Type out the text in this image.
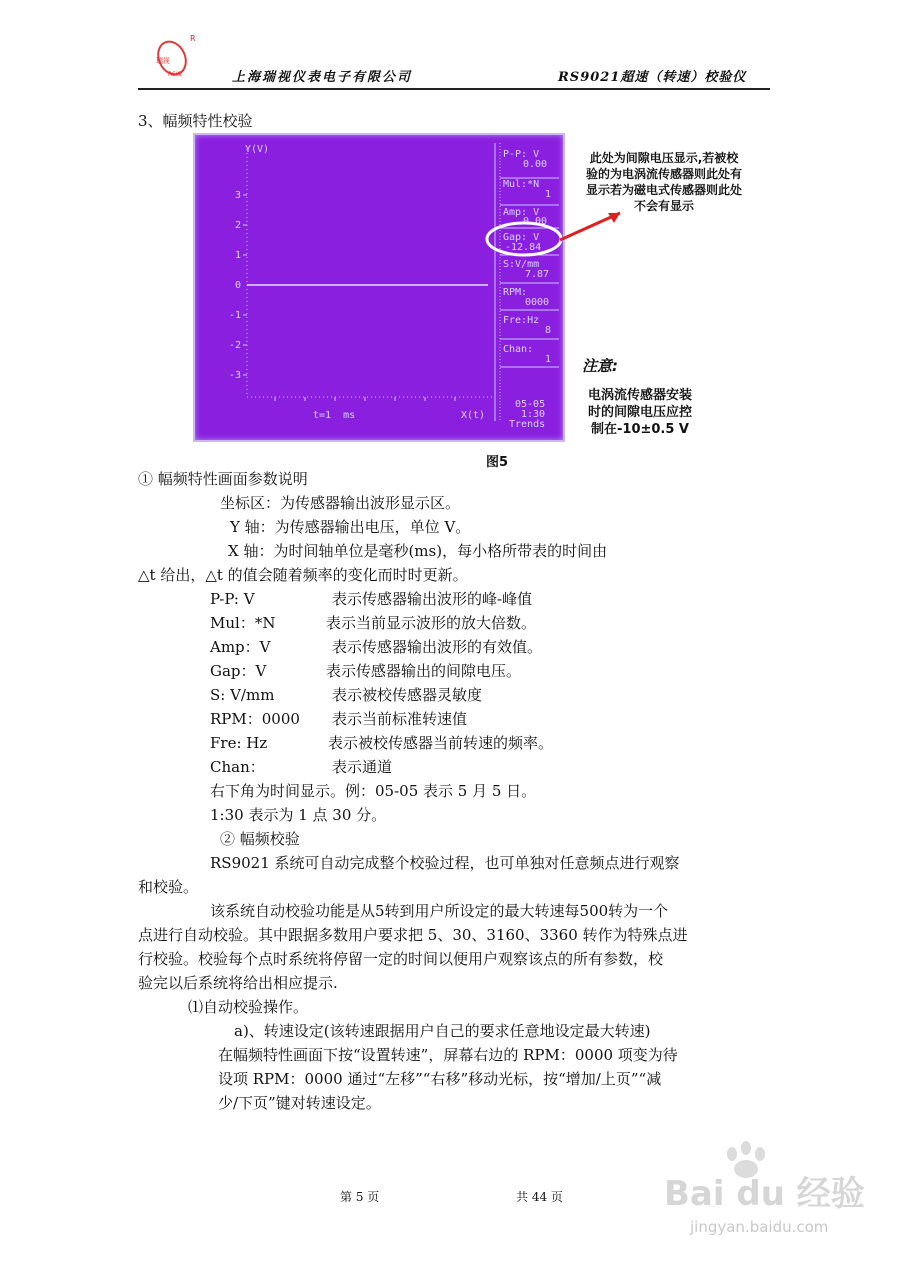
瑞视
RSIS
R
上海瑞视仪表电子有限公司	RS9021超速（转速）校验仪
3、幅频特性校验
Y(V)
3
2
1
0
-1
-2
-3
t=1  ms	X(t)
P-P: V
0.00
Mul:*N
1
Amp: V
0.00
Gap: V
-12.84
S:V/mm
7.87
RPM:
0000
Fre:Hz
8
Chan:
1
05-05
1:30
Trends
此处为间隙电压显示,若被校
验的为电涡流传感器则此处有
显示若为磁电式传感器则此处
不会有显示
注意:
电涡流传感器安装
时的间隙电压应控
制在-10±0.5 V
图5
① 幅频特性画面参数说明
坐标区：为传感器输出波形显示区。
Y 轴：为传感器输出电压，单位 V。
X 轴：为时间轴单位是毫秒(ms)，每小格所带表的时间由
△t 给出，△t 的值会随着频率的变化而时时更新。
P-P: V	表示传感器输出波形的峰-峰值
Mul：*N	表示当前显示波形的放大倍数。
Amp：V	表示传感器输出波形的有效值。
Gap：V	表示传感器输出的间隙电压。
S: V/mm	表示被校传感器灵敏度
RPM：0000 表示当前标准转速值
Fre: Hz	表示被校传感器当前转速的频率。
Chan：	表示通道
右下角为时间显示。例：05-05 表示 5 月 5 日。
1:30 表示为 1 点 30 分。
② 幅频校验
RS9021 系统可自动完成整个校验过程，也可单独对任意频点进行观察
和校验。
该系统自动校验功能是从5转到用户所设定的最大转速每500转为一个
点进行自动校验。其中跟据多数用户要求把 5、30、3160、3360 转作为特殊点进
行校验。校验每个点时系统将停留一定的时间以便用户观察该点的所有参数，校
验完以后系统将给出相应提示.
⑴自动校验操作。
a)、转速设定(该转速跟据用户自己的要求任意地设定最大转速)
在幅频特性画面下按“设置转速”，屏幕右边的 RPM：0000 项变为待
设项 RPM：0000 通过“左移”“右移”移动光标，按“增加/上页”“减
少/下页”键对转速设定。
第 5 页	共 44 页	Bai du 经验
jingyan.baidu.com
